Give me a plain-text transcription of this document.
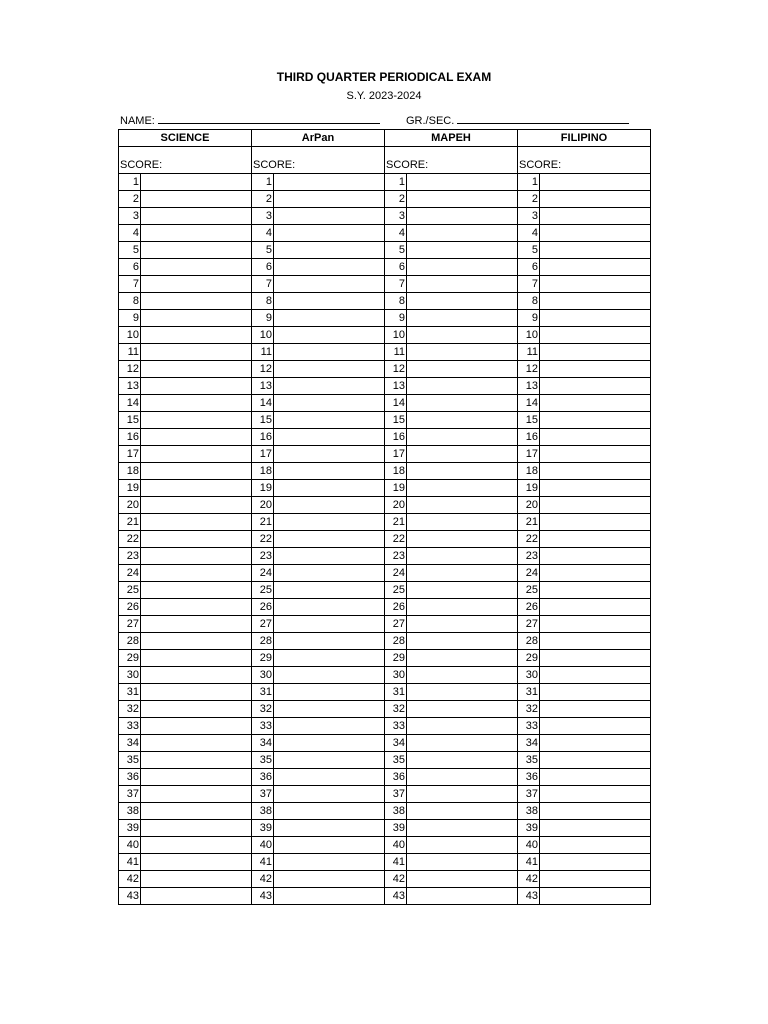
THIRD QUARTER PERIODICAL EXAM
S.Y. 2023-2024
NAME:	GR./SEC.
SCIENCE		ArPan		MAPEH		FILIPINO	

SCORE:		SCORE:		SCORE:		SCORE:	

1		1		1		1	
2		2		2		2	
3		3		3		3	
4		4		4		4	
5		5		5		5	
6		6		6		6	
7		7		7		7	
8		8		8		8	
9		9		9		9	
10		10		10		10	
11		11		11		11	
12		12		12		12	
13		13		13		13	
14		14		14		14	
15		15		15		15	
16		16		16		16	
17		17		17		17	
18		18		18		18	
19		19		19		19	
20		20		20		20	
21		21		21		21	
22		22		22		22	
23		23		23		23	
24		24		24		24	
25		25		25		25	
26		26		26		26	
27		27		27		27	
28		28		28		28	
29		29		29		29	
30		30		30		30	
31		31		31		31	
32		32		32		32	
33		33		33		33	
34		34		34		34	
35		35		35		35	
36		36		36		36	
37		37		37		37	
38		38		38		38	
39		39		39		39	
40		40		40		40	
41		41		41		41	
42		42		42		42	
43		43		43		43	
